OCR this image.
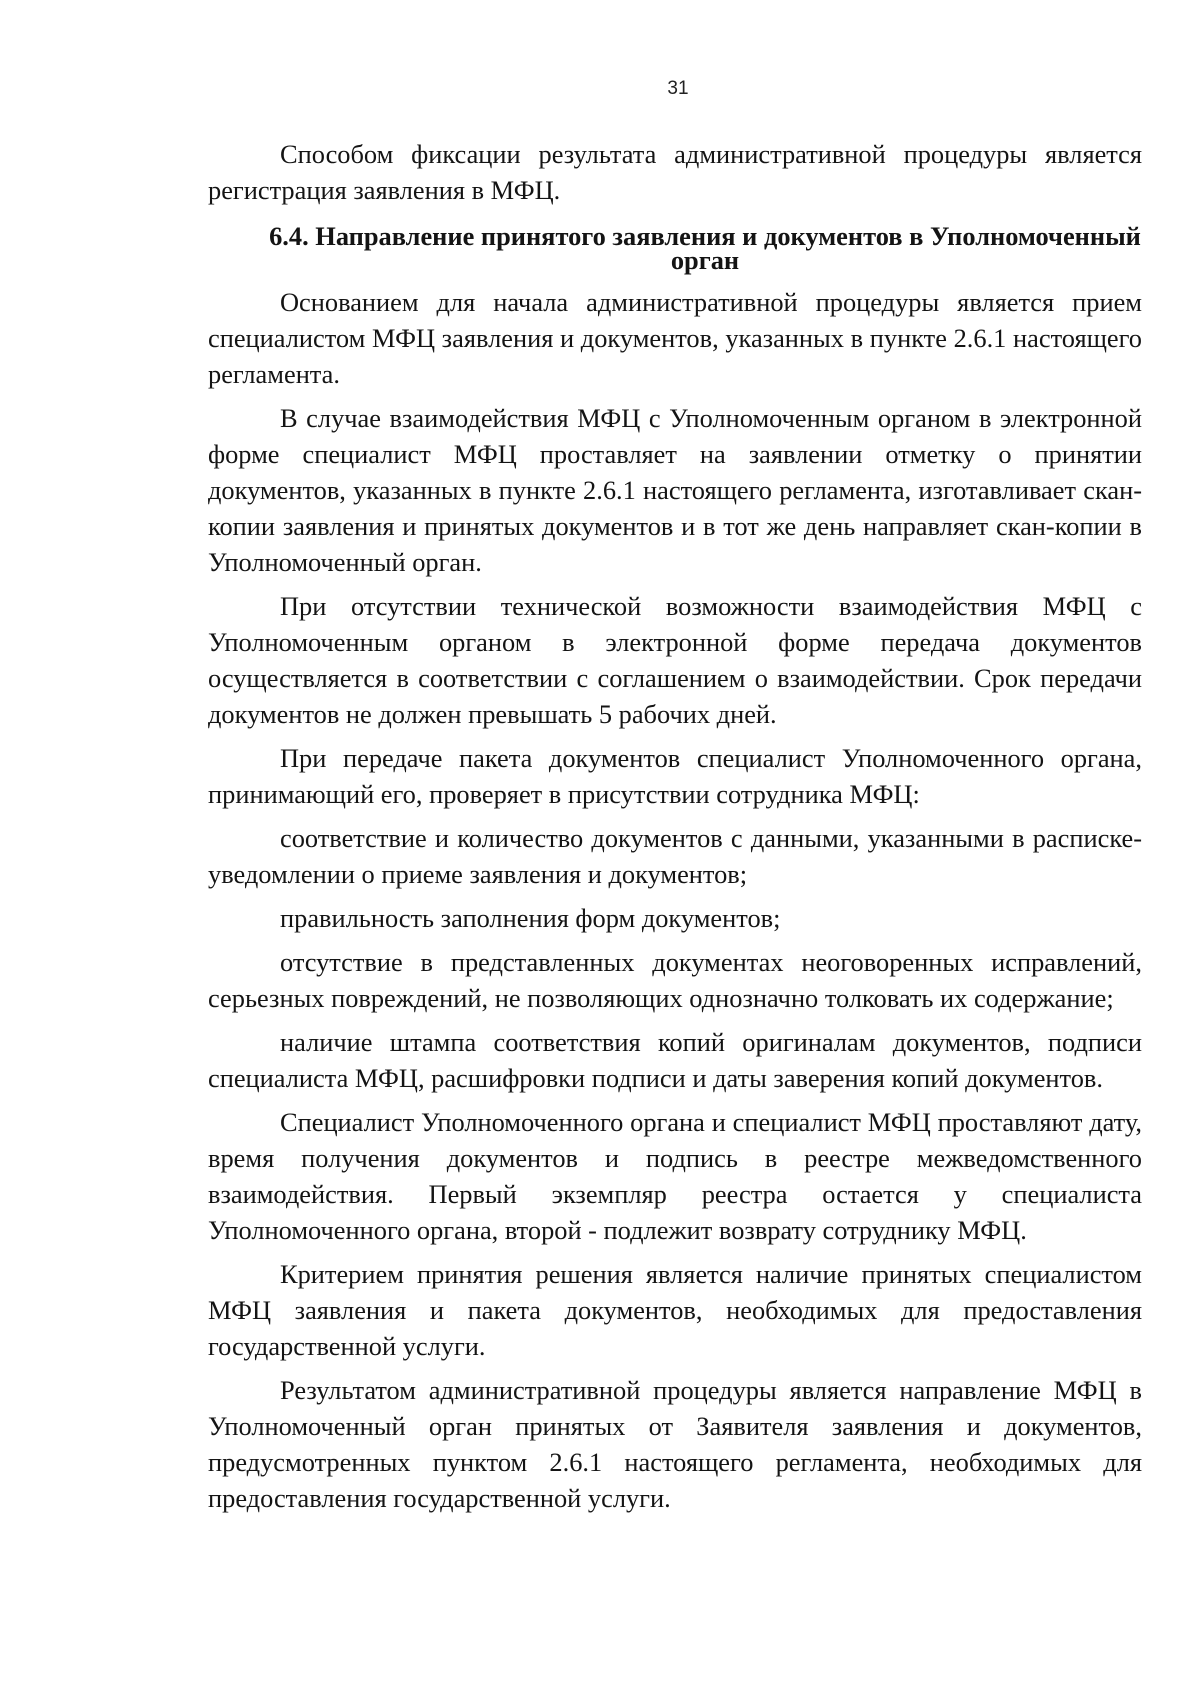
31

Способом фиксации результата административной процедуры является регистрация заявления в МФЦ.

6.4. Направление принятого заявления и документов в Уполномоченный орган

Основанием для начала административной процедуры является прием специалистом МФЦ заявления и документов, указанных в пункте 2.6.1 настоящего регламента.

В случае взаимодействия МФЦ с Уполномоченным органом в электронной форме специалист МФЦ проставляет на заявлении отметку о принятии документов, указанных в пункте 2.6.1 настоящего регламента, изготавливает скан-копии заявления и принятых документов и в тот же день направляет скан-копии в Уполномоченный орган.

При отсутствии технической возможности взаимодействия МФЦ с Уполномоченным органом в электронной форме передача документов осуществляется в соответствии с соглашением о взаимодействии. Срок передачи документов не должен превышать 5 рабочих дней.

При передаче пакета документов специалист Уполномоченного органа, принимающий его, проверяет в присутствии сотрудника МФЦ:

соответствие и количество документов с данными, указанными в расписке-уведомлении о приеме заявления и документов;

правильность заполнения форм документов;

отсутствие в представленных документах неоговоренных исправлений, серьезных повреждений, не позволяющих однозначно толковать их содержание;

наличие штампа соответствия копий оригиналам документов, подписи специалиста МФЦ, расшифровки подписи и даты заверения копий документов.

Специалист Уполномоченного органа и специалист МФЦ проставляют дату, время получения документов и подпись в реестре межведомственного взаимодействия. Первый экземпляр реестра остается у специалиста Уполномоченного органа, второй - подлежит возврату сотруднику МФЦ.

Критерием принятия решения является наличие принятых специалистом МФЦ заявления и пакета документов, необходимых для предоставления государственной услуги.

Результатом административной процедуры является направление МФЦ в Уполномоченный орган принятых от Заявителя заявления и документов, предусмотренных пунктом 2.6.1 настоящего регламента, необходимых для предоставления государственной услуги.
